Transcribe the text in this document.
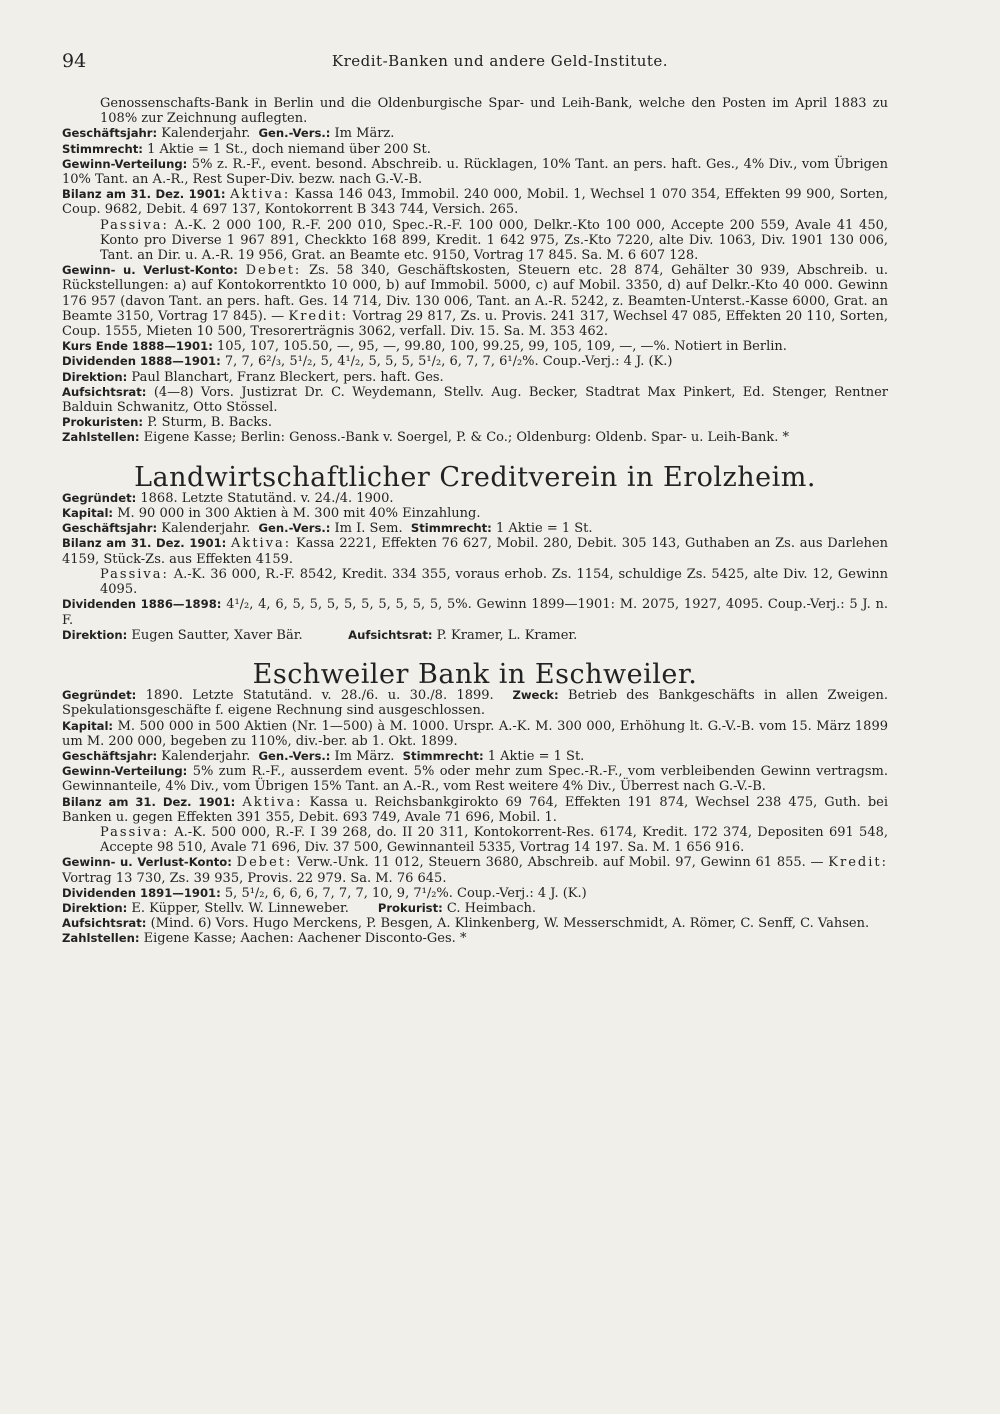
94	Kredit-Banken und andere Geld-Institute.

Genossenschafts-Bank in Berlin und die Oldenburgische Spar- und Leih-Bank, welche den Posten im April 1883 zu 108% zur Zeichnung auflegten.

Geschäftsjahr: Kalenderjahr. Gen.-Vers.: Im März.

Stimmrecht: 1 Aktie = 1 St., doch niemand über 200 St.

Gewinn-Verteilung: 5% z. R.-F., event. besond. Abschreib. u. Rücklagen, 10% Tant. an pers. haft. Ges., 4% Div., vom Übrigen 10% Tant. an A.-R., Rest Super-Div. bezw. nach G.-V.-B.

Bilanz am 31. Dez. 1901: Aktiva: Kassa 146 043, Immobil. 240 000, Mobil. 1, Wechsel 1 070 354, Effekten 99 900, Sorten, Coup. 9682, Debit. 4 697 137, Kontokorrent B 343 744, Versich. 265.

Passiva: A.-K. 2 000 100, R.-F. 200 010, Spec.-R.-F. 100 000, Delkr.-Kto 100 000, Accepte 200 559, Avale 41 450, Konto pro Diverse 1 967 891, Checkkto 168 899, Kredit. 1 642 975, Zs.-Kto 7220, alte Div. 1063, Div. 1901 130 006, Tant. an Dir. u. A.-R. 19 956, Grat. an Beamte etc. 9150, Vortrag 17 845. Sa. M. 6 607 128.

Gewinn- u. Verlust-Konto: Debet: Zs. 58 340, Geschäftskosten, Steuern etc. 28 874, Gehälter 30 939, Abschreib. u. Rückstellungen: a) auf Kontokorrentkto 10 000, b) auf Immobil. 5000, c) auf Mobil. 3350, d) auf Delkr.-Kto 40 000. Gewinn 176 957 (davon Tant. an pers. haft. Ges. 14 714, Div. 130 006, Tant. an A.-R. 5242, z. Beamten-Unterst.-Kasse 6000, Grat. an Beamte 3150, Vortrag 17 845). — Kredit: Vortrag 29 817, Zs. u. Provis. 241 317, Wechsel 47 085, Effekten 20 110, Sorten, Coup. 1555, Mieten 10 500, Tresorerträgnis 3062, verfall. Div. 15. Sa. M. 353 462.

Kurs Ende 1888—1901: 105, 107, 105.50, —, 95, —, 99.80, 100, 99.25, 99, 105, 109, —, —%. Notiert in Berlin.

Dividenden 1888—1901: 7, 7, 6²/₃, 5¹/₂, 5, 4¹/₂, 5, 5, 5, 5¹/₂, 6, 7, 7, 6¹/₂%. Coup.-Verj.: 4 J. (K.)

Direktion: Paul Blanchart, Franz Bleckert, pers. haft. Ges.

Aufsichtsrat: (4—8) Vors. Justizrat Dr. C. Weydemann, Stellv. Aug. Becker, Stadtrat Max Pinkert, Ed. Stenger, Rentner Balduin Schwanitz, Otto Stössel.

Prokuristen: P. Sturm, B. Backs.

Zahlstellen: Eigene Kasse; Berlin: Genoss.-Bank v. Soergel, P. & Co.; Oldenburg: Oldenb. Spar- u. Leih-Bank. *

Landwirtschaftlicher Creditverein in Erolzheim.

Gegründet: 1868. Letzte Statutänd. v. 24./4. 1900.

Kapital: M. 90 000 in 300 Aktien à M. 300 mit 40% Einzahlung.

Geschäftsjahr: Kalenderjahr. Gen.-Vers.: Im I. Sem. Stimmrecht: 1 Aktie = 1 St.

Bilanz am 31. Dez. 1901: Aktiva: Kassa 2221, Effekten 76 627, Mobil. 280, Debit. 305 143, Guthaben an Zs. aus Darlehen 4159, Stück-Zs. aus Effekten 4159.

Passiva: A.-K. 36 000, R.-F. 8542, Kredit. 334 355, voraus erhob. Zs. 1154, schuldige Zs. 5425, alte Div. 12, Gewinn 4095.

Dividenden 1886—1898: 4¹/₂, 4, 6, 5, 5, 5, 5, 5, 5, 5, 5, 5, 5%. Gewinn 1899—1901: M. 2075, 1927, 4095. Coup.-Verj.: 5 J. n. F.

Direktion: Eugen Sautter, Xaver Bär.	Aufsichtsrat: P. Kramer, L. Kramer.

Eschweiler Bank in Eschweiler.

Gegründet: 1890. Letzte Statutänd. v. 28./6. u. 30./8. 1899. Zweck: Betrieb des Bankgeschäfts in allen Zweigen. Spekulationsgeschäfte f. eigene Rechnung sind ausgeschlossen.

Kapital: M. 500 000 in 500 Aktien (Nr. 1—500) à M. 1000. Urspr. A.-K. M. 300 000, Erhöhung lt. G.-V.-B. vom 15. März 1899 um M. 200 000, begeben zu 110%, div.-ber. ab 1. Okt. 1899.

Geschäftsjahr: Kalenderjahr. Gen.-Vers.: Im März. Stimmrecht: 1 Aktie = 1 St.

Gewinn-Verteilung: 5% zum R.-F., ausserdem event. 5% oder mehr zum Spec.-R.-F., vom verbleibenden Gewinn vertragsm. Gewinnanteile, 4% Div., vom Übrigen 15% Tant. an A.-R., vom Rest weitere 4% Div., Überrest nach G.-V.-B.

Bilanz am 31. Dez. 1901: Aktiva: Kassa u. Reichsbankgirokto 69 764, Effekten 191 874, Wechsel 238 475, Guth. bei Banken u. gegen Effekten 391 355, Debit. 693 749, Avale 71 696, Mobil. 1.

Passiva: A.-K. 500 000, R.-F. I 39 268, do. II 20 311, Kontokorrent-Res. 6174, Kredit. 172 374, Depositen 691 548, Accepte 98 510, Avale 71 696, Div. 37 500, Gewinnanteil 5335, Vortrag 14 197. Sa. M. 1 656 916.

Gewinn- u. Verlust-Konto: Debet: Verw.-Unk. 11 012, Steuern 3680, Abschreib. auf Mobil. 97, Gewinn 61 855. — Kredit: Vortrag 13 730, Zs. 39 935, Provis. 22 979. Sa. M. 76 645.

Dividenden 1891—1901: 5, 5¹/₂, 6, 6, 6, 7, 7, 7, 10, 9, 7¹/₂%. Coup.-Verj.: 4 J. (K.)

Direktion: E. Küpper, Stellv. W. Linneweber. Prokurist: C. Heimbach.

Aufsichtsrat: (Mind. 6) Vors. Hugo Merckens, P. Besgen, A. Klinkenberg, W. Messerschmidt, A. Römer, C. Senff, C. Vahsen.

Zahlstellen: Eigene Kasse; Aachen: Aachener Disconto-Ges. *
